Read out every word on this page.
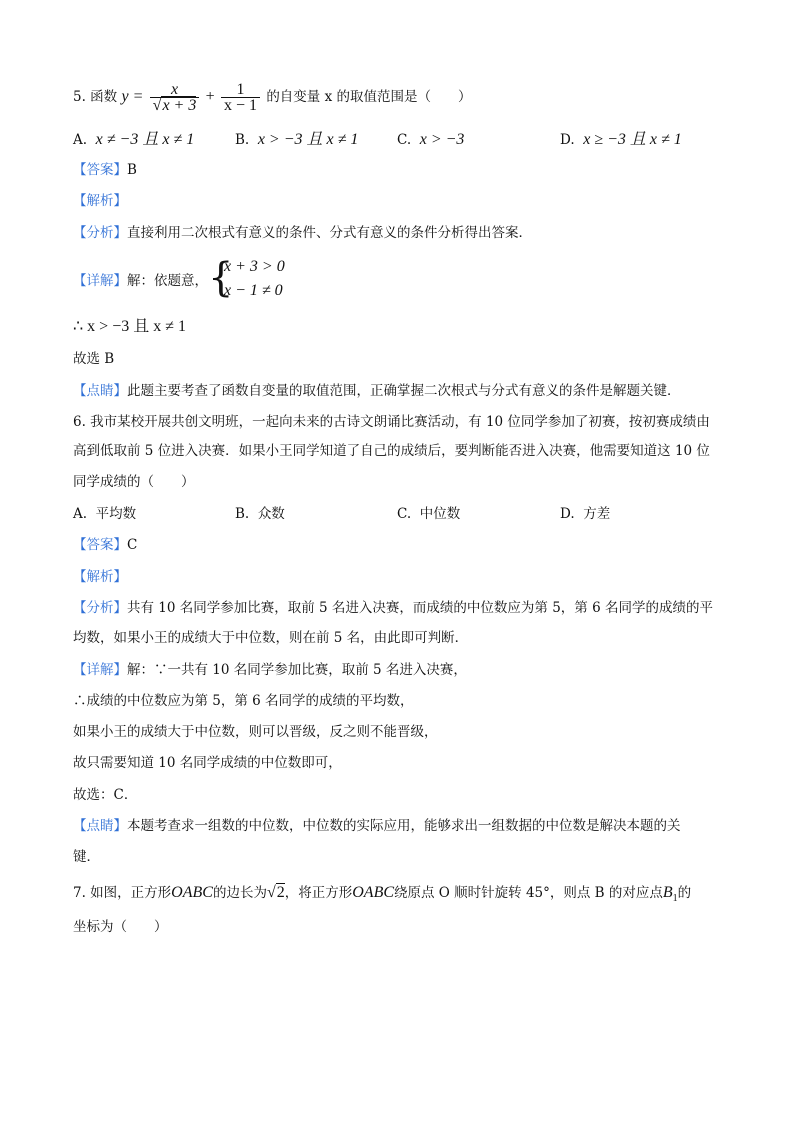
5. 函数 $y = \frac{x}{√x + 3} + \frac{1}{x - 1}$ 的自变量 x 的取值范围是（　　）
A. x ≠ −3 且 x ≠ 1	B. x > −3 且 x ≠ 1	C. x > −3	D. x ≥ −3 且 x ≠ 1
【答案】B
【解析】
【分析】直接利用二次根式有意义的条件、分式有意义的条件分析得出答案．
【详解】解：依题意， {
x + 3 > 0
x − 1 ≠ 0
∴ x > −3 且 x ≠ 1
故选 B
【点睛】此题主要考查了函数自变量的取值范围，正确掌握二次根式与分式有意义的条件是解题关键．
6. 我市某校开展共创文明班，一起向未来的古诗文朗诵比赛活动，有 10 位同学参加了初赛，按初赛成绩由
高到低取前 5 位进入决赛．如果小王同学知道了自己的成绩后，要判断能否进入决赛，他需要知道这 10 位
同学成绩的（　　）
A. 平均数	B. 众数	C. 中位数	D. 方差
【答案】C
【解析】
【分析】共有 10 名同学参加比赛，取前 5 名进入决赛，而成绩的中位数应为第 5，第 6 名同学的成绩的平
均数，如果小王的成绩大于中位数，则在前 5 名，由此即可判断．
【详解】解：∵一共有 10 名同学参加比赛，取前 5 名进入决赛，
∴成绩的中位数应为第 5，第 6 名同学的成绩的平均数，
如果小王的成绩大于中位数，则可以晋级，反之则不能晋级，
故只需要知道 10 名同学成绩的中位数即可，
故选：C．
【点睛】本题考查求一组数的中位数，中位数的实际应用，能够求出一组数据的中位数是解决本题的关
键．
7. 如图，正方形OABC的边长为√2，将正方形OABC绕原点 O 顺时针旋转 45°，则点 B 的对应点$B_1$的
坐标为（　　）
